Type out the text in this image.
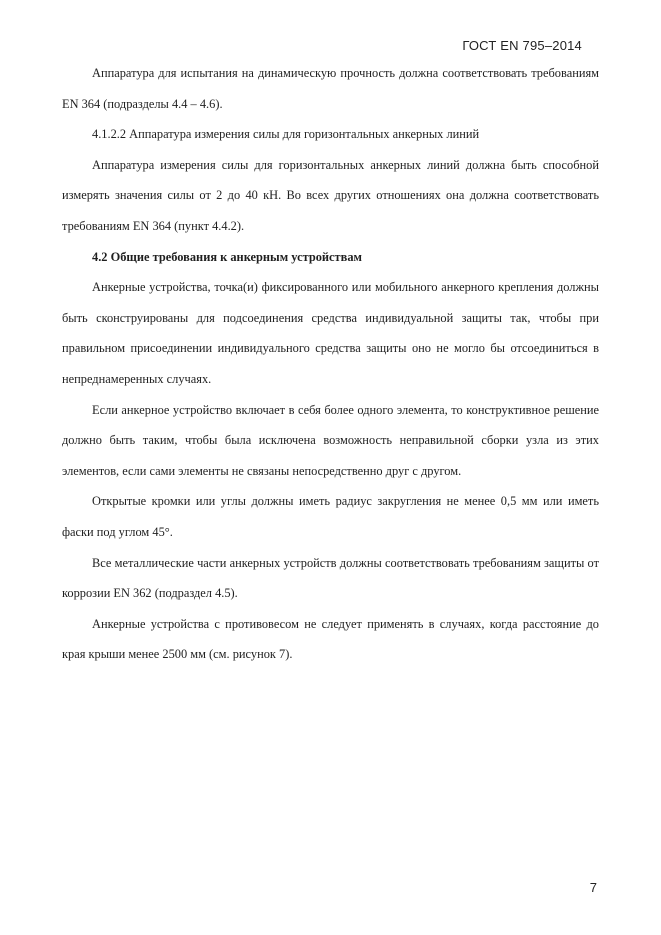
ГОСТ EN 795–2014

Аппаратура для испытания на динамическую прочность должна соответствовать требованиям EN 364 (подразделы 4.4 – 4.6).

4.1.2.2 Аппаратура измерения силы для горизонтальных анкерных линий

Аппаратура измерения силы для горизонтальных анкерных линий должна быть способной измерять значения силы от 2 до 40 кН. Во всех других отношениях она должна соответствовать требованиям EN 364 (пункт 4.4.2).

4.2 Общие требования к анкерным устройствам

Анкерные устройства, точка(и) фиксированного или мобильного анкерного крепления должны быть сконструированы для подсоединения средства индивидуальной защиты так, чтобы при правильном присоединении индивидуального средства защиты оно не могло бы отсоединиться в непреднамеренных случаях.

Если анкерное устройство включает в себя более одного элемента, то конструктивное решение должно быть таким, чтобы была исключена возможность неправильной сборки узла из этих элементов, если сами элементы не связаны непосредственно друг с другом.

Открытые кромки или углы должны иметь радиус закругления не менее 0,5 мм или иметь фаски под углом 45°.

Все металлические части анкерных устройств должны соответствовать требованиям защиты от коррозии EN 362 (подраздел 4.5).

Анкерные устройства с противовесом не следует применять в случаях, когда расстояние до края крыши менее 2500 мм (см. рисунок 7).

7
